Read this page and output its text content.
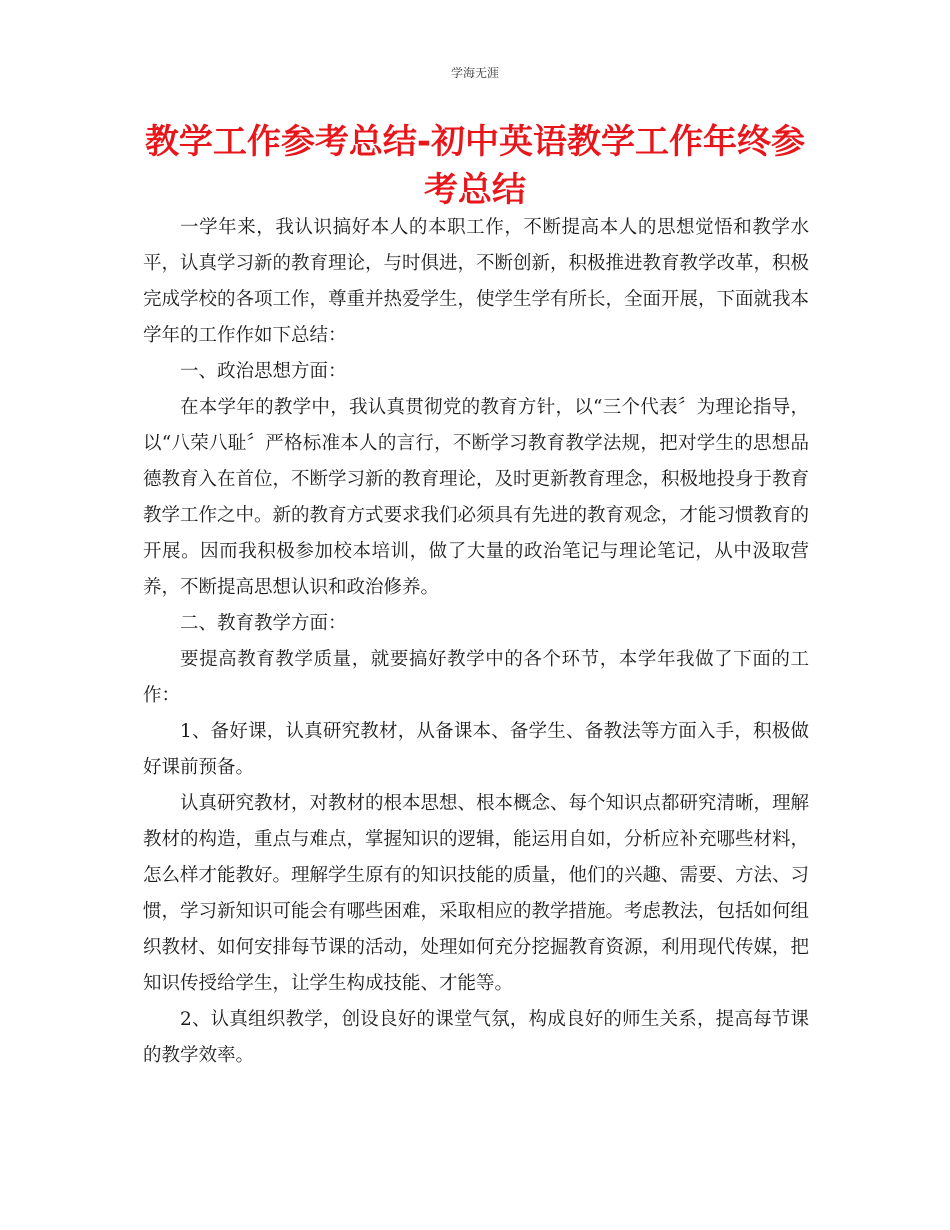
学海无涯
教学工作参考总结-初中英语教学工作年终参考总结

一学年来，我认识搞好本人的本职工作，不断提高本人的思想觉悟和教学水平，认真学习新的教育理论，与时俱进，不断创新，积极推进教育教学改革，积极完成学校的各项工作，尊重并热爱学生，使学生学有所长，全面开展，下面就我本学年的工作作如下总结：

一、政治思想方面：

在本学年的教学中，我认真贯彻党的教育方针，以“三个代表〞为理论指导，以“八荣八耻〞严格标准本人的言行，不断学习教育教学法规，把对学生的思想品德教育入在首位，不断学习新的教育理论，及时更新教育理念，积极地投身于教育教学工作之中。新的教育方式要求我们必须具有先进的教育观念，才能习惯教育的开展。因而我积极参加校本培训，做了大量的政治笔记与理论笔记，从中汲取营养，不断提高思想认识和政治修养。

二、教育教学方面：

要提高教育教学质量，就要搞好教学中的各个环节，本学年我做了下面的工作：

1、备好课，认真研究教材，从备课本、备学生、备教法等方面入手，积极做好课前预备。

认真研究教材，对教材的根本思想、根本概念、每个知识点都研究清晰，理解教材的构造，重点与难点，掌握知识的逻辑，能运用自如，分析应补充哪些材料，怎么样才能教好。理解学生原有的知识技能的质量，他们的兴趣、需要、方法、习惯，学习新知识可能会有哪些困难，采取相应的教学措施。考虑教法，包括如何组织教材、如何安排每节课的活动，处理如何充分挖掘教育资源，利用现代传媒，把知识传授给学生，让学生构成技能、才能等。

2、认真组织教学，创设良好的课堂气氛，构成良好的师生关系，提高每节课的教学效率。
